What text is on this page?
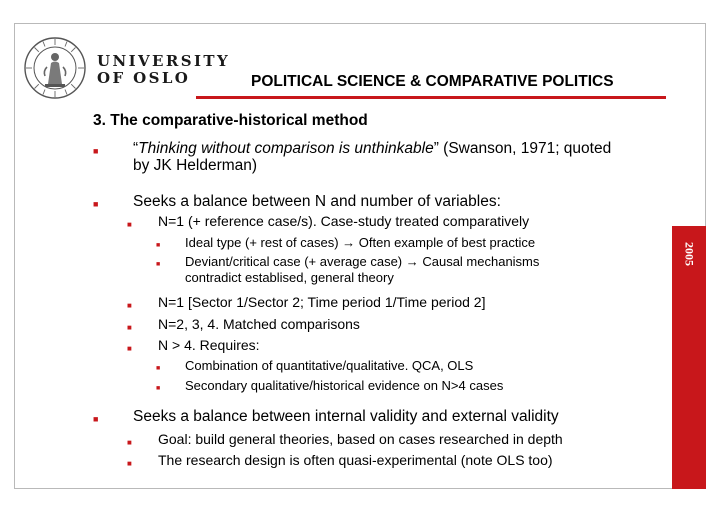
UNIVERSITY
OF OSLO	POLITICAL SCIENCE & COMPARATIVE POLITICS
2005
3. The comparative-historical method
■ “Thinking without comparison is unthinkable” (Swanson, 1971; quoted
by JK Helderman)
■ Seeks a balance between N and number of variables:
■ N=1 (+ reference case/s). Case-study treated comparatively
■ Ideal type (+ rest of cases) → Often example of best practice
■ Deviant/critical case (+ average case) → Causal mechanisms
contradict establised, general theory
■ N=1 [Sector 1/Sector 2; Time period 1/Time period 2]
■ N=2, 3, 4. Matched comparisons
■ N > 4. Requires:
■ Combination of quantitative/qualitative. QCA, OLS
■ Secondary qualitative/historical evidence on N>4 cases
■ Seeks a balance between internal validity and external validity
■ Goal: build general theories, based on cases researched in depth
■ The research design is often quasi-experimental (note OLS too)
